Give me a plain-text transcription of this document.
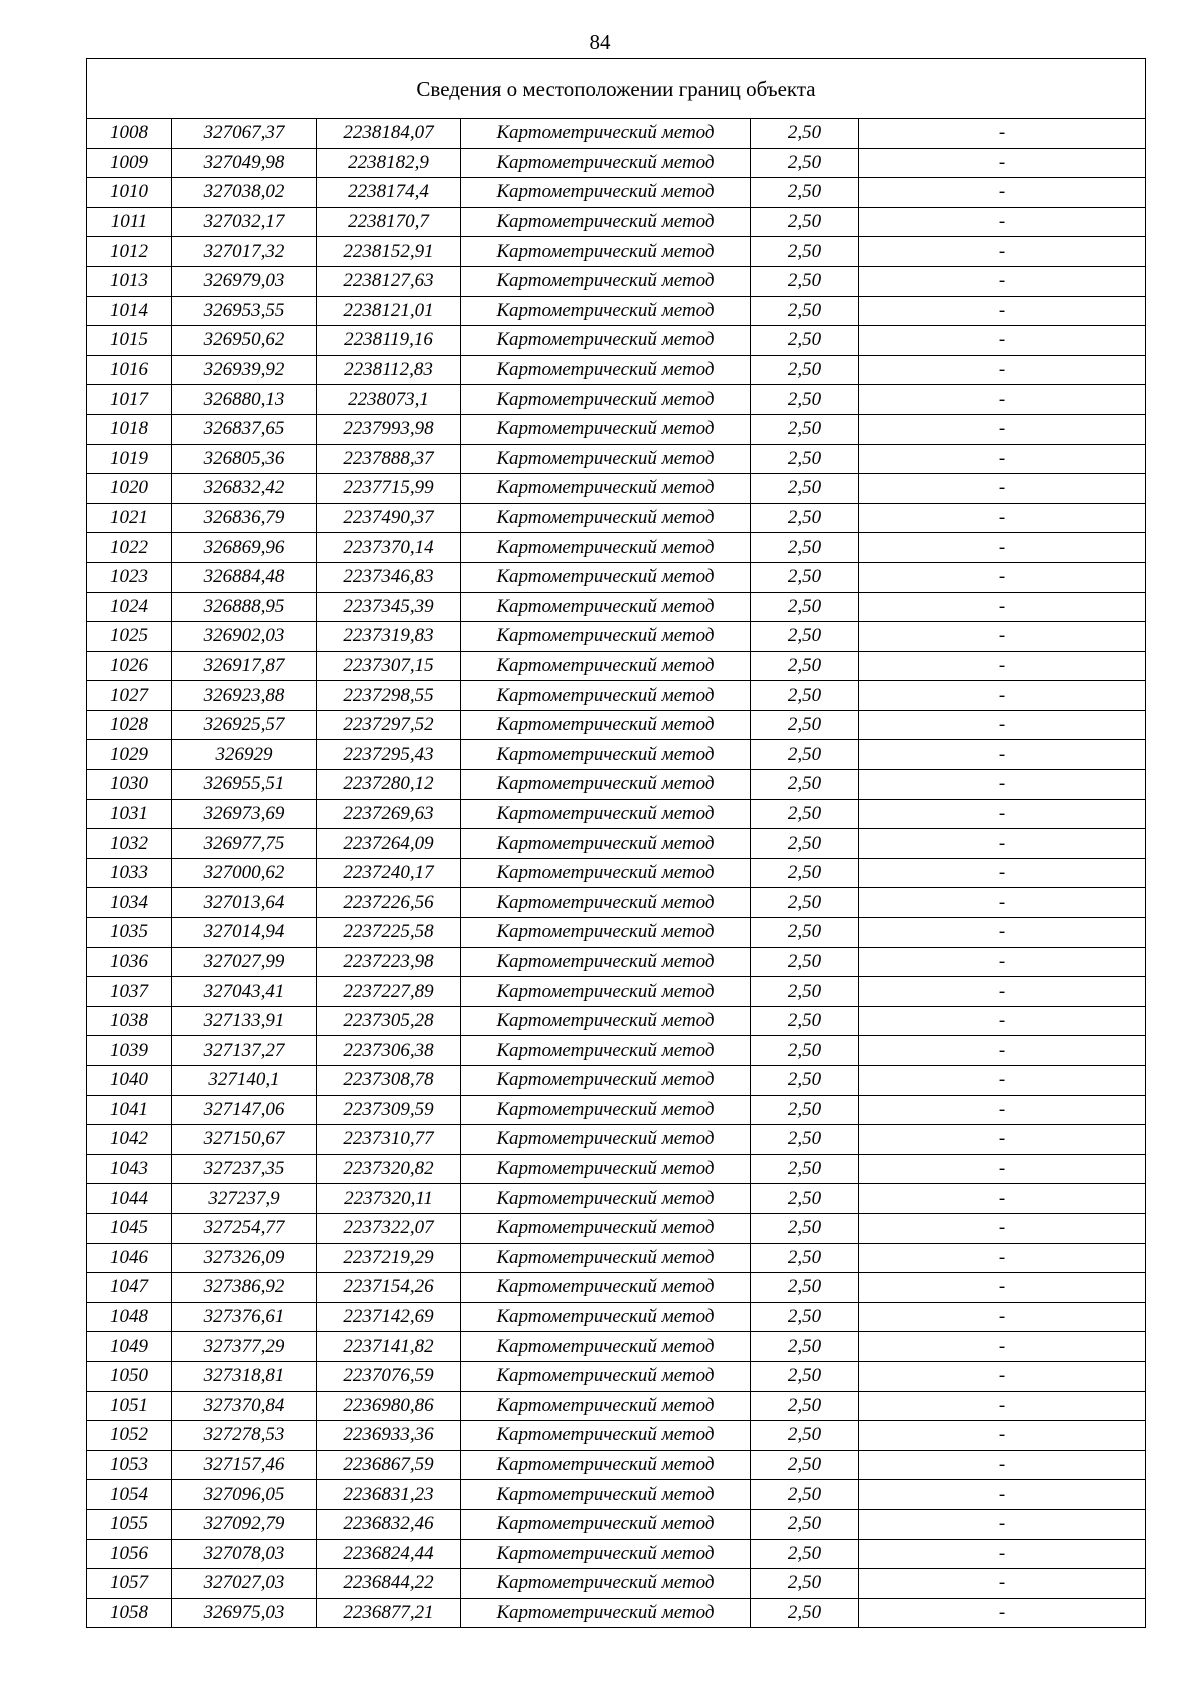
84
Сведения о местоположении границ объекта
1008	327067,37	2238184,07	Картометрический метод	2,50	-
1009	327049,98	2238182,9	Картометрический метод	2,50	-
1010	327038,02	2238174,4	Картометрический метод	2,50	-
1011	327032,17	2238170,7	Картометрический метод	2,50	-
1012	327017,32	2238152,91	Картометрический метод	2,50	-
1013	326979,03	2238127,63	Картометрический метод	2,50	-
1014	326953,55	2238121,01	Картометрический метод	2,50	-
1015	326950,62	2238119,16	Картометрический метод	2,50	-
1016	326939,92	2238112,83	Картометрический метод	2,50	-
1017	326880,13	2238073,1	Картометрический метод	2,50	-
1018	326837,65	2237993,98	Картометрический метод	2,50	-
1019	326805,36	2237888,37	Картометрический метод	2,50	-
1020	326832,42	2237715,99	Картометрический метод	2,50	-
1021	326836,79	2237490,37	Картометрический метод	2,50	-
1022	326869,96	2237370,14	Картометрический метод	2,50	-
1023	326884,48	2237346,83	Картометрический метод	2,50	-
1024	326888,95	2237345,39	Картометрический метод	2,50	-
1025	326902,03	2237319,83	Картометрический метод	2,50	-
1026	326917,87	2237307,15	Картометрический метод	2,50	-
1027	326923,88	2237298,55	Картометрический метод	2,50	-
1028	326925,57	2237297,52	Картометрический метод	2,50	-
1029	326929	2237295,43	Картометрический метод	2,50	-
1030	326955,51	2237280,12	Картометрический метод	2,50	-
1031	326973,69	2237269,63	Картометрический метод	2,50	-
1032	326977,75	2237264,09	Картометрический метод	2,50	-
1033	327000,62	2237240,17	Картометрический метод	2,50	-
1034	327013,64	2237226,56	Картометрический метод	2,50	-
1035	327014,94	2237225,58	Картометрический метод	2,50	-
1036	327027,99	2237223,98	Картометрический метод	2,50	-
1037	327043,41	2237227,89	Картометрический метод	2,50	-
1038	327133,91	2237305,28	Картометрический метод	2,50	-
1039	327137,27	2237306,38	Картометрический метод	2,50	-
1040	327140,1	2237308,78	Картометрический метод	2,50	-
1041	327147,06	2237309,59	Картометрический метод	2,50	-
1042	327150,67	2237310,77	Картометрический метод	2,50	-
1043	327237,35	2237320,82	Картометрический метод	2,50	-
1044	327237,9	2237320,11	Картометрический метод	2,50	-
1045	327254,77	2237322,07	Картометрический метод	2,50	-
1046	327326,09	2237219,29	Картометрический метод	2,50	-
1047	327386,92	2237154,26	Картометрический метод	2,50	-
1048	327376,61	2237142,69	Картометрический метод	2,50	-
1049	327377,29	2237141,82	Картометрический метод	2,50	-
1050	327318,81	2237076,59	Картометрический метод	2,50	-
1051	327370,84	2236980,86	Картометрический метод	2,50	-
1052	327278,53	2236933,36	Картометрический метод	2,50	-
1053	327157,46	2236867,59	Картометрический метод	2,50	-
1054	327096,05	2236831,23	Картометрический метод	2,50	-
1055	327092,79	2236832,46	Картометрический метод	2,50	-
1056	327078,03	2236824,44	Картометрический метод	2,50	-
1057	327027,03	2236844,22	Картометрический метод	2,50	-
1058	326975,03	2236877,21	Картометрический метод	2,50	-
